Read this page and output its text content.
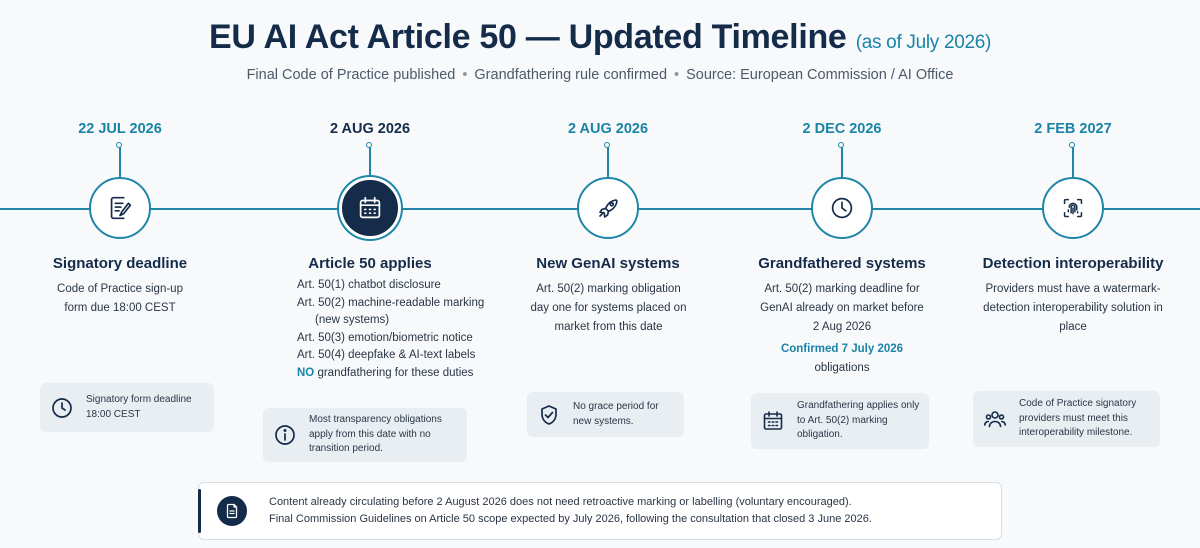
EU AI Act Article 50 — Updated Timeline (as of July 2026)
Final Code of Practice published • Grandfathering rule confirmed • Source: European Commission / AI Office
22 JUL 2026
Signatory deadline
Code of Practice sign-up form due 18:00 CEST
Signatory form deadline 18:00 CEST
2 AUG 2026
Article 50 applies
Art. 50(1) chatbot disclosure
Art. 50(2) machine-readable marking (new systems)
Art. 50(3) emotion/biometric notice
Art. 50(4) deepfake & AI-text labels
NO grandfathering for these duties
Most transparency obligations apply from this date with no transition period.
2 AUG 2026
New GenAI systems
Art. 50(2) marking obligation day one for systems placed on market from this date
No grace period for new systems.
2 DEC 2026
Grandfathered systems
Art. 50(2) marking deadline for GenAI already on market before 2 Aug 2026
Confirmed 7 July 2026
obligations
Grandfathering applies only to Art. 50(2) marking obligation.
2 FEB 2027
Detection interoperability
Providers must have a watermark-detection interoperability solution in place
Code of Practice signatory providers must meet this interoperability milestone.
Content already circulating before 2 August 2026 does not need retroactive marking or labelling (voluntary encouraged).
Final Commission Guidelines on Article 50 scope expected by July 2026, following the consultation that closed 3 June 2026.
